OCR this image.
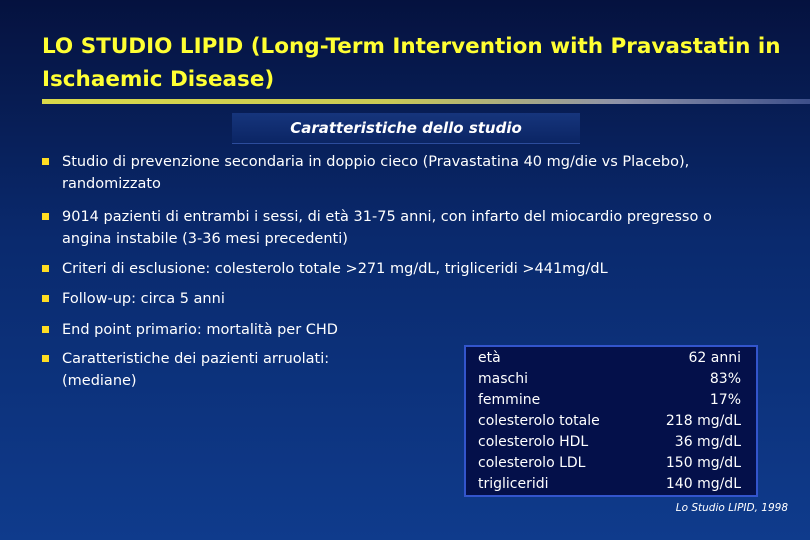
LO STUDIO LIPID (Long-Term Intervention with Pravastatin in Ischaemic Disease)
Caratteristiche dello studio
Studio di prevenzione secondaria in doppio cieco (Pravastatina 40 mg/die vs Placebo), randomizzato
9014 pazienti di entrambi i sessi, di età 31-75 anni, con infarto del miocardio pregresso o angina instabile (3-36 mesi precedenti)
Criteri di esclusione: colesterolo totale >271 mg/dL, trigliceridi >441mg/dL
Follow-up: circa 5 anni
End point primario: mortalità per CHD
Caratteristiche dei pazienti arruolati: (mediane)
età	62 anni
maschi	83%
femmine	17%
colesterolo totale	218 mg/dL
colesterolo HDL	36 mg/dL
colesterolo LDL	150 mg/dL
trigliceridi	140 mg/dL
Lo Studio LIPID, 1998
